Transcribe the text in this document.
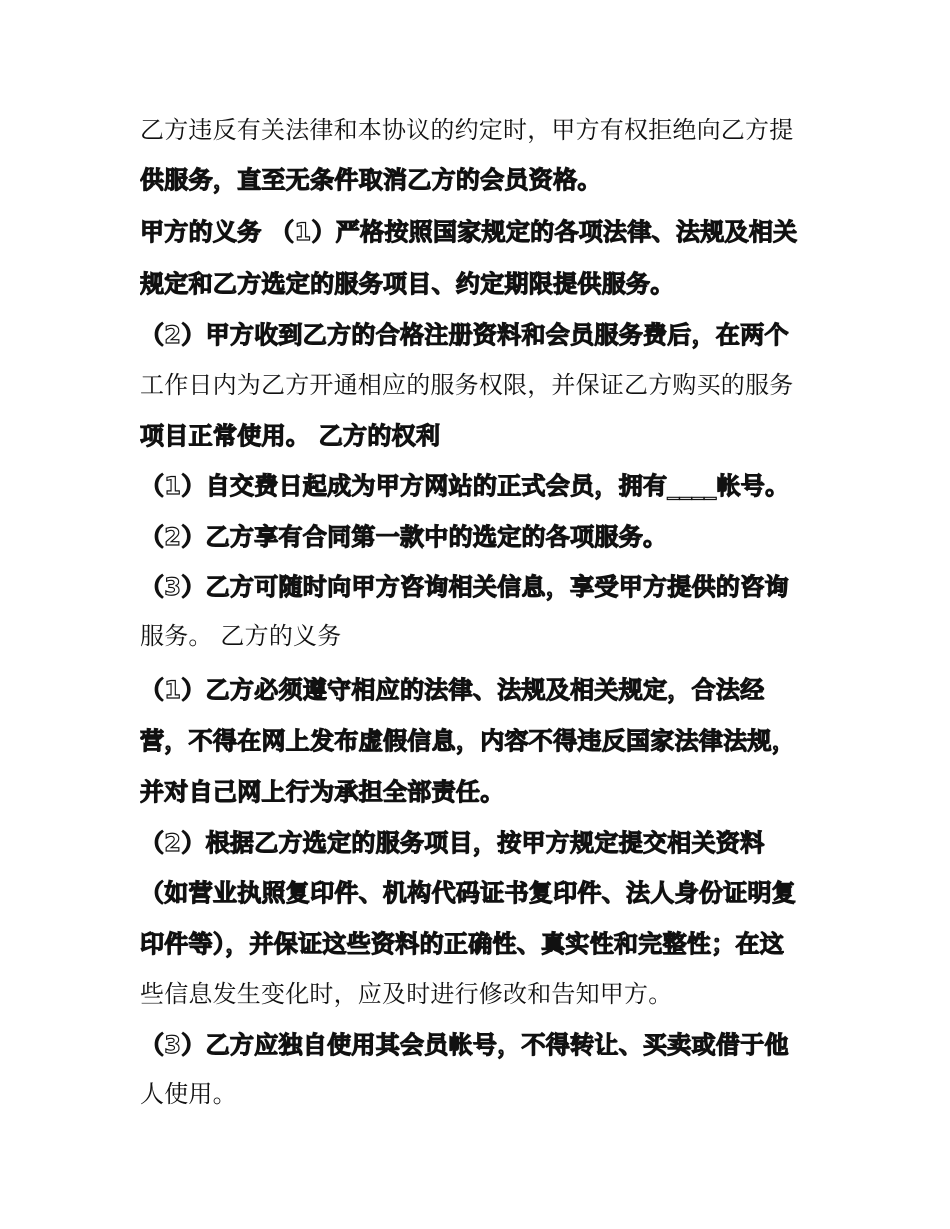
乙方违反有关法律和本协议的约定时，甲方有权拒绝向乙方提
供服务，直至无条件取消乙方的会员资格。
甲方的义务 （1）严格按照国家规定的各项法律、法规及相关
规定和乙方选定的服务项目、约定期限提供服务。
（2）甲方收到乙方的合格注册资料和会员服务费后，在两个
工作日内为乙方开通相应的服务权限，并保证乙方购买的服务
项目正常使用。 乙方的权利
（1）自交费日起成为甲方网站的正式会员，拥有____帐号。
（2）乙方享有合同第一款中的选定的各项服务。
（3）乙方可随时向甲方咨询相关信息，享受甲方提供的咨询
服务。 乙方的义务
（1）乙方必须遵守相应的法律、法规及相关规定，合法经
营，不得在网上发布虚假信息，内容不得违反国家法律法规，
并对自己网上行为承担全部责任。
（2）根据乙方选定的服务项目，按甲方规定提交相关资料
（如营业执照复印件、机构代码证书复印件、法人身份证明复
印件等），并保证这些资料的正确性、真实性和完整性；在这
些信息发生变化时，应及时进行修改和告知甲方。
（3）乙方应独自使用其会员帐号，不得转让、买卖或借于他
人使用。
